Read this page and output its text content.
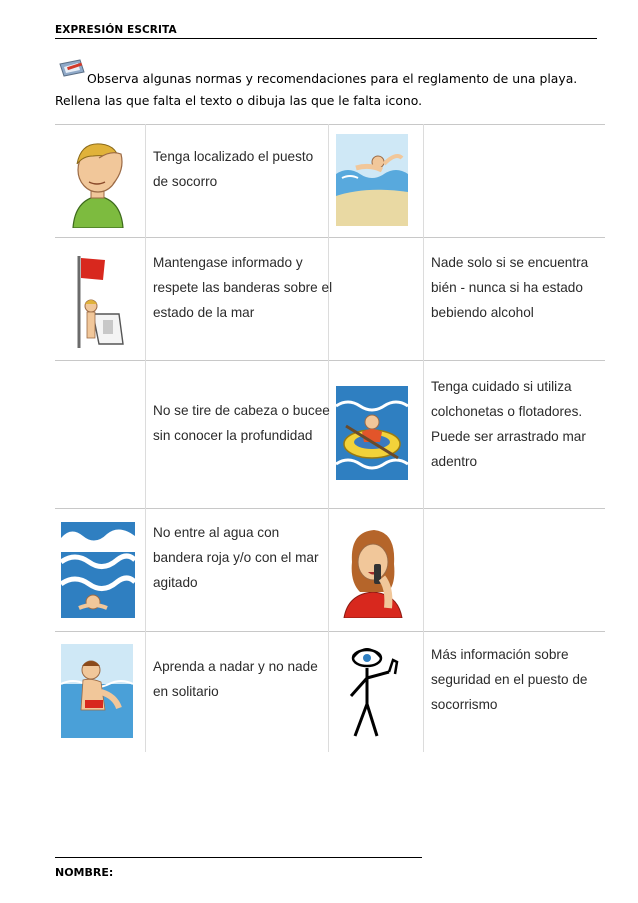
EXPRESIÓN ESCRITA
Observa algunas normas y recomendaciones para el reglamento de una playa. Rellena las que falta el texto o dibuja las que le falta icono.
Tenga localizado el puesto
de socorro
Mantengase informado y
respete las banderas sobre el
estado de la mar
Nade solo si se encuentra
bién - nunca si ha estado
bebiendo alcohol
No se tire de cabeza o bucee
sin conocer la profundidad
Tenga cuidado si utiliza
colchonetas o flotadores.
Puede ser arrastrado mar
adentro
No entre al agua con
bandera roja y/o con el mar
agitado
Aprenda a nadar y no nade
en solitario
Más información sobre
seguridad en el puesto de
socorrismo
NOMBRE:
